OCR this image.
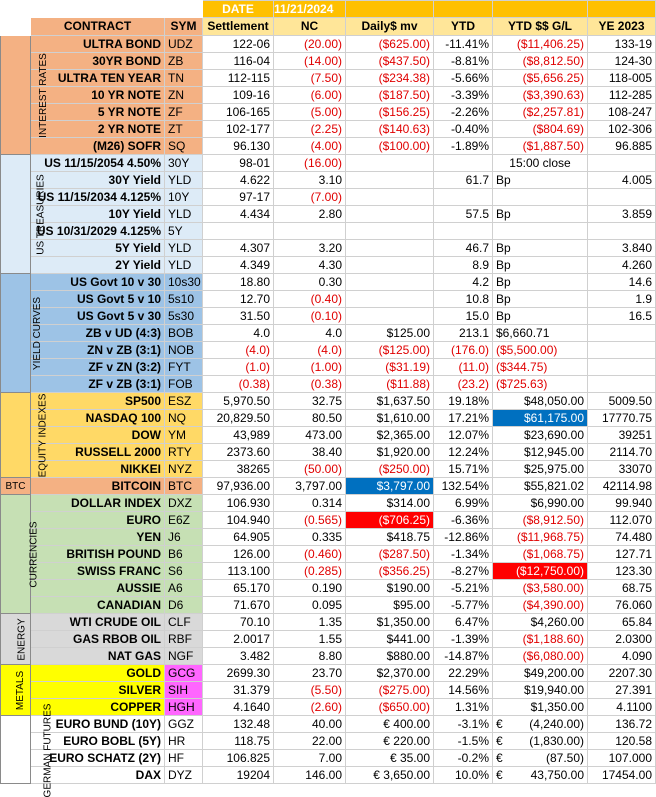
			DATE	11/21/2024				
	CONTRACT	SYM	Settlement	NC	Daily$ mv	YTD	YTD $$ G/L	YE 2023
INTEREST RATES	ULTRA BOND	UDZ	122-06	(20.00)	($625.00)	-11.41%	($11,406.25)	133-19
	30YR BOND	ZB	116-04	(14.00)	($437.50)	-8.81%	($8,812.50)	124-30
	ULTRA TEN YEAR	TN	112-115	(7.50)	($234.38)	-5.66%	($5,656.25)	118-005
	10 YR NOTE	ZN	109-16	(6.00)	($187.50)	-3.39%	($3,390.63)	112-285
	5 YR NOTE	ZF	106-165	(5.00)	($156.25)	-2.26%	($2,257.81)	108-247
	2 YR NOTE	ZT	102-177	(2.25)	($140.63)	-0.40%	($804.69)	102-306
	(M26) SOFR	SQ	96.130	(4.00)	($100.00)	-1.89%	($1,887.50)	96.885
US TREASURIES	US 11/15/2054 4.50%	30Y	98-01	(16.00)			15:00 close	
	30Y Yield	YLD	4.622	3.10		61.7	Bp	4.005
	US 11/15/2034 4.125%	10Y	97-17	(7.00)				
	10Y Yield	YLD	4.434	2.80		57.5	Bp	3.859
	US 10/31/2029 4.125%	5Y						
	5Y Yield	YLD	4.307	3.20		46.7	Bp	3.840
	2Y Yield	YLD	4.349	4.30		8.9	Bp	4.260
YIELD CURVES	US Govt 10 v 30	10s30	18.80	0.30		4.2	Bp	14.6
	US Govt 5 v 10	5s10	12.70	(0.40)		10.8	Bp	1.9
	US Govt 5 v 30	5s30	31.50	(0.10)		15.0	Bp	16.5
	ZB v UD (4:3)	BOB	4.0	4.0	$125.00	213.1	$6,660.71	
	ZN v ZB (3:1)	NOB	(4.0)	(4.0)	($125.00)	(176.0)	($5,500.00)	
	ZF v ZN (3:2)	FYT	(1.0)	(1.00)	($31.19)	(11.0)	($344.75)	
	ZF v ZB (3:1)	FOB	(0.38)	(0.38)	($11.88)	(23.2)	($725.63)	
EQUITY INDEXES	SP500	ESZ	5,970.50	32.75	$1,637.50	19.18%	$48,050.00	5009.50
	NASDAQ 100	NQ	20,829.50	80.50	$1,610.00	17.21%	$61,175.00	17770.75
	DOW	YM	43,989	473.00	$2,365.00	12.07%	$23,690.00	39251
	RUSSELL 2000	RTY	2373.60	38.40	$1,920.00	12.24%	$12,945.00	2114.70
	NIKKEI	NYZ	38265	(50.00)	($250.00)	15.71%	$25,975.00	33070
BTC	BITCOIN	BTC	97,936.00	3,797.00	$3,797.00	132.54%	$55,821.02	42114.98
CURRENCIES	DOLLAR INDEX	DXZ	106.930	0.314	$314.00	6.99%	$6,990.00	99.940
	EURO	E6Z	104.940	(0.565)	($706.25)	-6.36%	($8,912.50)	112.070
	YEN	J6	64.905	0.335	$418.75	-12.86%	($11,968.75)	74.480
	BRITISH POUND	B6	126.00	(0.460)	($287.50)	-1.34%	($1,068.75)	127.71
	SWISS FRANC	S6	113.100	(0.285)	($356.25)	-8.27%	($12,750.00)	123.30
	AUSSIE	A6	65.170	0.190	$190.00	-5.21%	($3,580.00)	68.75
	CANADIAN	D6	71.670	0.095	$95.00	-5.77%	($4,390.00)	76.060
ENERGY	WTI CRUDE OIL	CLF	70.10	1.35	$1,350.00	6.47%	$4,260.00	65.84
	GAS RBOB OIL	RBF	2.0017	1.55	$441.00	-1.39%	($1,188.60)	2.0300
	NAT GAS	NGF	3.482	8.80	$880.00	-14.87%	($6,080.00)	4.090
METALS	GOLD	GCG	2699.30	23.70	$2,370.00	22.29%	$49,200.00	2207.30
	SILVER	SIH	31.379	(5.50)	($275.00)	14.56%	$19,940.00	27.391
	COPPER	HGH	4.1640	(2.60)	($650.00)	1.31%	$1,350.00	4.1100
GERMAN FUTURES	EURO BUND (10Y)	GGZ	132.48	40.00	€ 400.00	-3.1%	€ (4,240.00)	136.72
	EURO BOBL (5Y)	HR	118.75	22.00	€ 220.00	-1.5%	€ (1,830.00)	120.58
	EURO SCHATZ (2Y)	HF	106.825	7.00	€ 35.00	-0.2%	€ (87.50)	107.000
	DAX	DYZ	19204	146.00	€ 3,650.00	10.0%	€ 43,750.00	17454.00
